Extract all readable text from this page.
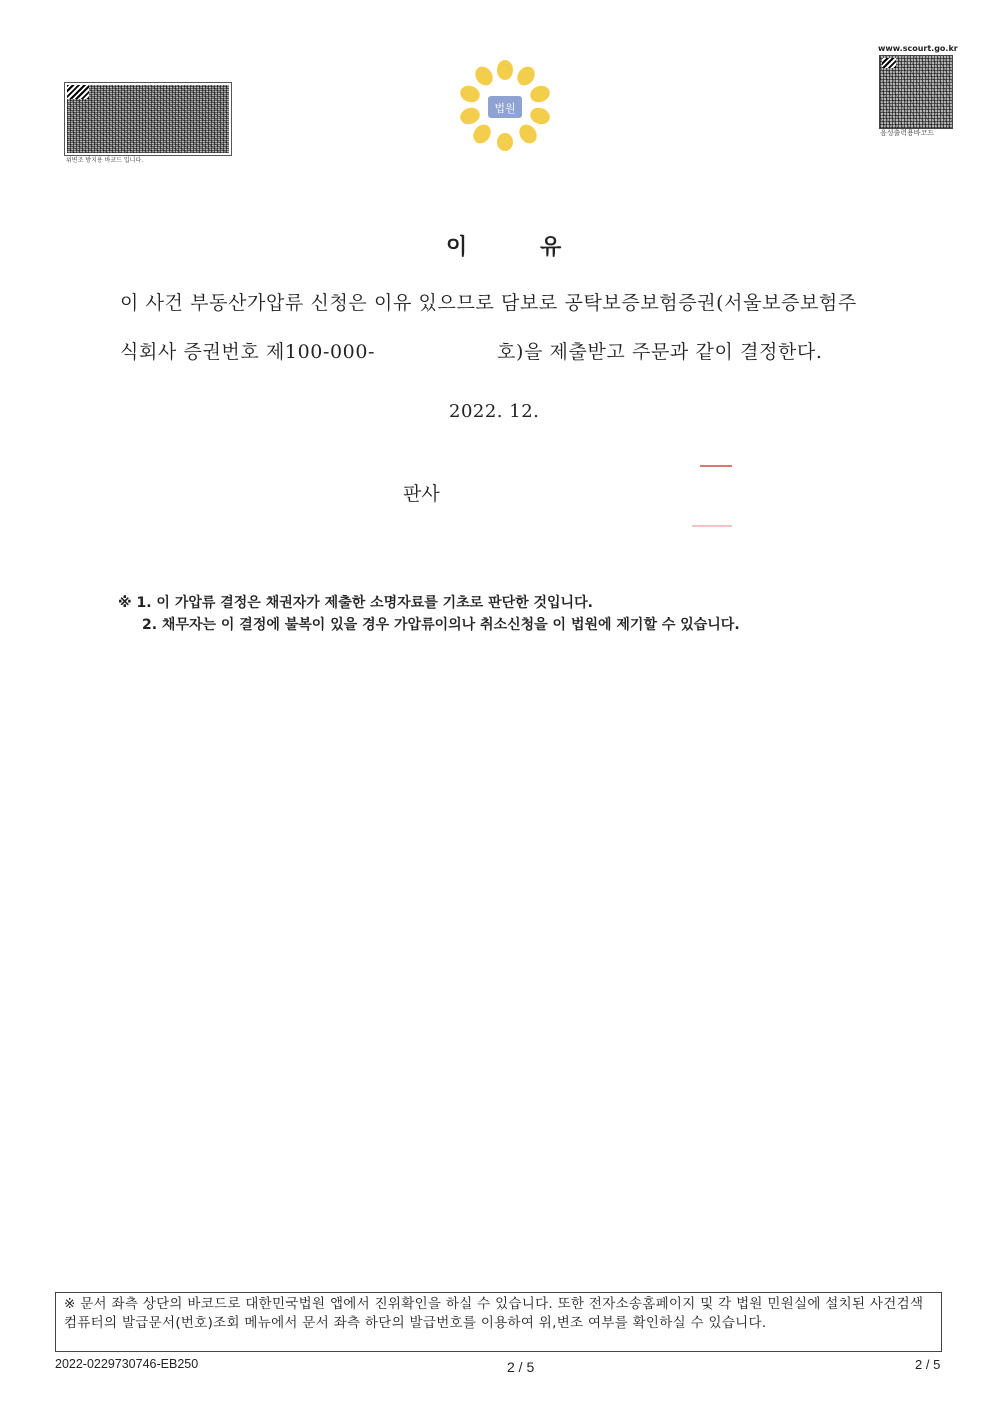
위변조 방지용 바코드 입니다.
www.scourt.go.kr
음성출력용바코드
법원
이	유
이 사건 부동산가압류 신청은 이유 있으므로 담보로 공탁보증보험증권(서울보증보험주
식회사 증권번호 제100-000-	호)을 제출받고 주문과 같이 결정한다.
2022. 12.
판사
※ 1. 이 가압류 결정은 채권자가 제출한 소명자료를 기초로 판단한 것입니다.
2. 채무자는 이 결정에 불복이 있을 경우 가압류이의나 취소신청을 이 법원에 제기할 수 있습니다.
※ 문서 좌측 상단의 바코드로 대한민국법원 앱에서 진위확인을 하실 수 있습니다. 또한 전자소송홈페이지 및 각 법원 민원실에 설치된 사건검색 컴퓨터의 발급문서(번호)조회 메뉴에서 문서 좌측 하단의 발급번호를 이용하여 위,변조 여부를 확인하실 수 있습니다.
2022-0229730746-EB250	2 / 5	2 / 5
